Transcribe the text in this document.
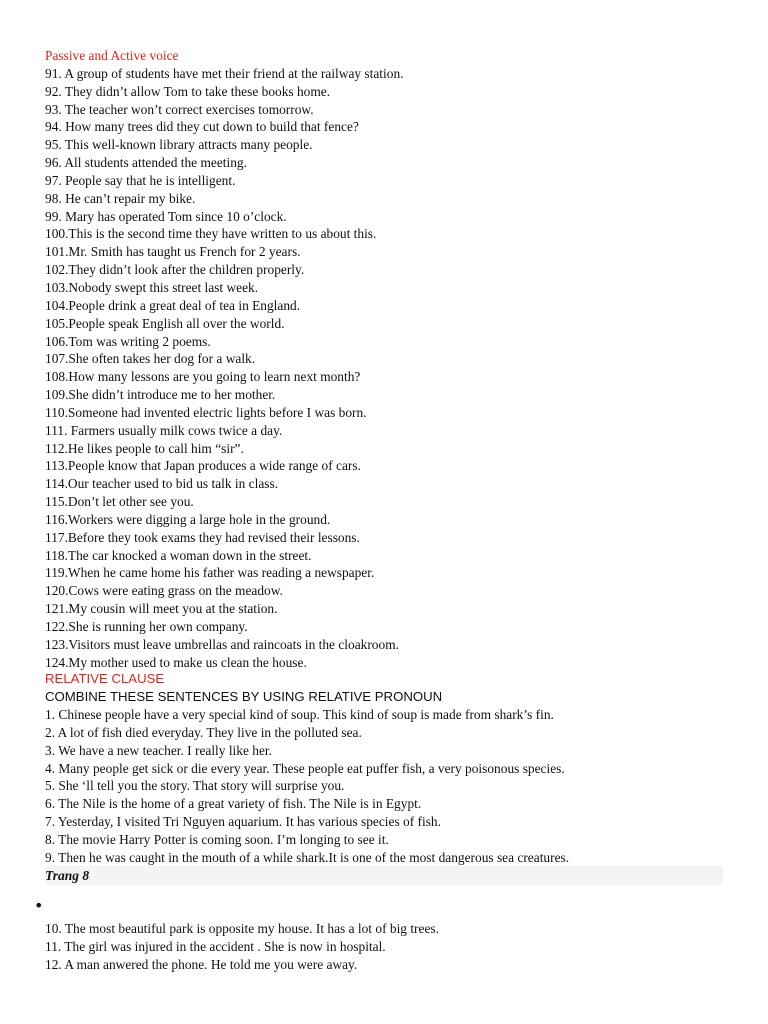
Passive and Active voice
91. A group of students have met their friend at the railway station.
92. They didn’t allow Tom to take these books home.
93. The teacher won’t correct exercises tomorrow.
94. How many trees did they cut down to build that fence?
95. This well-known library attracts many people.
96. All students attended the meeting.
97. People say that he is intelligent.
98. He can’t repair my bike.
99. Mary has operated Tom since 10 o’clock.
100.This is the second time they have written to us about this.
101.Mr. Smith has taught us French for 2 years.
102.They didn’t look after the children properly.
103.Nobody swept this street last week.
104.People drink a great deal of tea in England.
105.People speak English all over the world.
106.Tom was writing 2 poems.
107.She often takes her dog for a walk.
108.How many lessons are you going to learn next month?
109.She didn’t introduce me to her mother.
110.Someone had invented electric lights before I was born.
111. Farmers usually milk cows twice a day.
112.He likes people to call him “sir”.
113.People know that Japan produces a wide range of cars.
114.Our teacher used to bid us talk in class.
115.Don’t let other see you.
116.Workers were digging a large hole in the ground.
117.Before they took exams they had revised their lessons.
118.The car knocked a woman down in the street.
119.When he came home his father was reading a newspaper.
120.Cows were eating grass on the meadow.
121.My cousin will meet you at the station.
122.She is running her own company.
123.Visitors must leave umbrellas and raincoats in the cloakroom.
124.My mother used to make us clean the house.
RELATIVE CLAUSE
COMBINE THESE SENTENCES BY USING RELATIVE PRONOUN
1. Chinese people have a very special kind of soup. This kind of soup is made from shark’s fin.
2. A lot of fish died everyday. They live in the polluted sea.
3. We have a new teacher. I really like her.
4. Many people get sick or die every year. These people eat puffer fish, a very poisonous species.
5. She ‘ll tell you the story. That story will surprise you.
6. The Nile is the home of a great variety of fish. The Nile is in Egypt.
7. Yesterday, I visited Tri Nguyen aquarium. It has various species of fish.
8. The movie Harry Potter is coming soon. I’m longing to see it.
9. Then he was caught in the mouth of a while shark.It is one of the most dangerous sea creatures.
Trang 8
•
10. The most beautiful park is opposite my house. It has a lot of big trees.
11. The girl was injured in the accident . She is now in hospital.
12. A man anwered the phone. He told me you were away.
